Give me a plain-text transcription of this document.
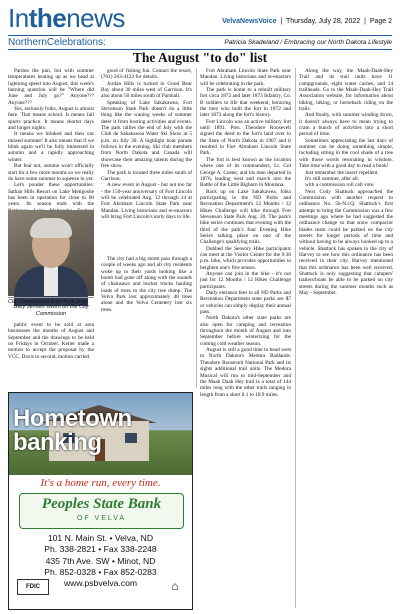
Inthenews	VelvaNewsVoice  |  Thursday, July 28, 2022  |  Page 2
NorthernCelebrations:	Patricia Skadeland / Embracing our North Dakota Lifestyle
The August "to do" list

Pardon the pun, but with summer temperatures heating up as we head at lightning speed into August, this week's burning question will be "Where did June and July go?" Anyone??? Anyone???

Yes, seriously folks, August is almost here. That means school. It means fall sports practice. It means shorter days and longer nights.

It means we blinked and then our missed summer! It also means that if we blink again we'll be fully immersed in autumn and a rapidly approaching winter.

But fear not, autumn won't officially start for a few more months so we really do have some summer to squeeze in yet.

Let's ponder these opportunities: Sathan Hills Resort on Lake Metigoshe has been in operation for close to 60 years. Its season ends with the

City Commission from front page
Gary Jensen sworn on the City Commission

public event to be sold at area businesses the months of August and September and the drawings to be held on Fridays in October. Keller made a motion to accept the proposal by the VCC. Davis to second, motion carried.

good ol' fishing fun. Contact the resort, (701) 263-4122 for details.

Jordan Hills is tucked in Good Bear Bay about 30 miles west of Garrison. It's also about 50 miles south of Parshall.

Speaking of Lake Sakakawea, Fort Stevenson State Park doesn't do a little thing like the waning weeks of summer deter it from hosting activities and events. The park rallies the end of July with the Club de Sakakawea Water Ski Show at 5 p.m. on July 30. A highlight boat parade follows in the evening. Ski club members from North Dakota and Canada will showcase their amazing talents during the free show.

The park is located three miles south of Garrison.

A new event in August - but not too far - the 150-year anniversary of Fort Lincoln will be celebrated Aug. 12 through 14 at Fort Abraham Lincoln State Park near Mandan. Living historians and re-enactors will bring Fort Lincoln's early days to life.

The city had a big storm pass through a couple of weeks ago and all city residents woke up to their yards looking like a bomb had gone off along with the sounds of chainsaws and bucket trucks hauling loads of trees to the city tree dump. The Velva Park lost approximately 40 trees alone and the Velva Cemetery lost six trees.

Fort Abraham Lincoln State Park near Mandan. Living historians and re-enactors will be celebrating in the park.

The park is home to a rebuilt military fort circa 1872 and later 1873 Infantry, Co. B soldiers to life that weekend, honoring the men who built the fort in 1872 and later 1873 along the fort's history.

Fort Lincoln was an active military fort until 1891. Pres. Theodore Roosevelt signed the deed to the fort's land over to the State of North Dakota in 1907 and it resulted in Fort Abraham Lincoln State Park.

The fort is best known as the location where one of its commanders, Lt. Col George A. Custer, and his men departed in 1876, leading west and march into the Battle of the Little Bighorn in Montana.

Back up on Lake Sakakawea, folks participating in the ND Parks and Recreation Department's 12 Months / 12 Hikes Challenge will hike through Fort Stevenson State Park Aug. 20. The park's hike series continues that evening with the third of the park's four Evening Hike Series talking place on one of the Challenge's qualifying trails.

Dubbed the Sensory Hike participants can meet at the Visitor Center for the 9:30 p.m. hike, which provides opportunities to heighten one's five senses.

Anyone can join in the hike - it's not just for 12 Months / 12 Hikes Challenge participants.

Daily entrance fees to all ND Parks and Recreation Department state parks are $7 or vehicles can simply display their annual pass.

North Dakota's other state parks are also open for camping and recreation throughout the month of August and into September before winterizing for the coming cold weather season.

August is still a good time to head west to North Dakota's Medora Badlands. Theodore Roosevelt National Park and its sights additional trail units. The Medora Musical will run to mid-September and the Maah Daah Hey trail is a total of 144 miles long with the other trails ranging in length from a short 0.1 to 18.9 miles.

Along the way, the Maah-Daah-Hey Trail and its trail units have 11 campgrounds, eight water caches, and 14 trailheads. Go to the Maah-Daah-Hey Trail Association website, for information about biking, hiking, or horseback riding on the trails.

And finally, with summer winding down, it doesn't always have to mean trying to cram a bunch of activities into a short period of time.

Sometimes appreciating the last days of summer can be doing something simple, including sitting in the cool shade of a tree with those words resonating in wisdom. Take time with a good day to read a book!

Just remember the insect repellent.

It's still summer, after all.

with a commission roll call vote.

Next Cody Shattuck approached the Commission with another request to ordinance No. 5b-N.i.Q. Shattuck's first attempt to bring the Commission was a few meetings ago where he had suggested the ordinance change so that snow compactor blades team could be parked on the city streets for longer periods of time and without having to be always hooked up to a vehicle. Shattuck has spoken to the city of Harvey to see how this ordinance has been received in their city. Harvey mentioned that this ordinance has been well received. Shattuck is only suggesting that campers' trailers/boats be able to be parked on city streets during the summer months such as May - September.

Hometown banking
It's a home run, every time.
Peoples State Bank
OF VELVA
101 N. Main St. • Velva, ND
Ph. 338-2821 • Fax 338-2248
435 7th Ave. SW • Minot, ND
Ph. 852-0328 • Fax 852-0283
www.psbvelva.com
FDIC	⌂
